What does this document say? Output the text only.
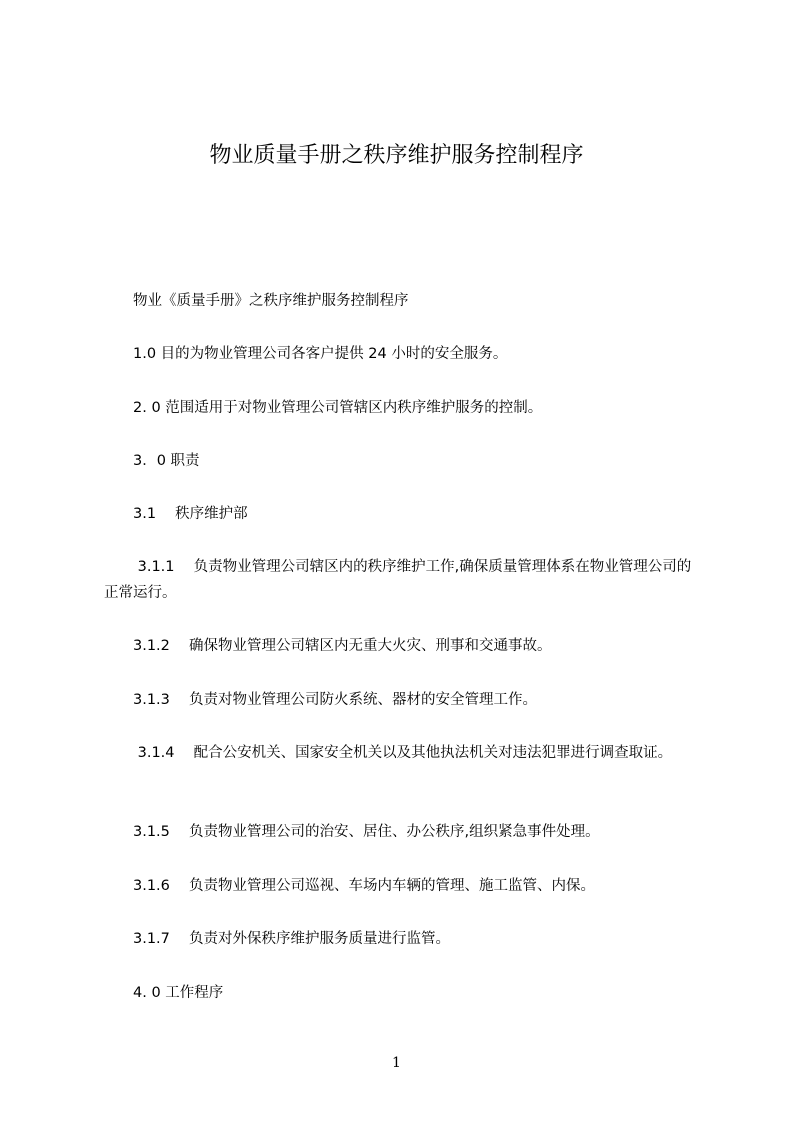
物业质量手册之秩序维护服务控制程序
　　物业《质量手册》之秩序维护服务控制程序
　　1.0 目的为物业管理公司各客户提供 24 小时的安全服务。
　　2. 0 范围适用于对物业管理公司管辖区内秩序维护服务的控制。
　　3．0 职责
　　3.1　 秩序维护部
　　 3.1.1　 负责物业管理公司辖区内的秩序维护工作,确保质量管理体系在物业管理公司的正常运行。
　　3.1.2　 确保物业管理公司辖区内无重大火灾、刑事和交通事故。
　　3.1.3　 负责对物业管理公司防火系统、器材的安全管理工作。
　　 3.1.4　 配合公安机关、国家安全机关以及其他执法机关对违法犯罪进行调查取证。
　　3.1.5　 负责物业管理公司的治安、居住、办公秩序,组织紧急事件处理。
　　3.1.6　 负责物业管理公司巡视、车场内车辆的管理、施工监管、内保。
　　3.1.7　 负责对外保秩序维护服务质量进行监管。
　　4. 0 工作程序
1
